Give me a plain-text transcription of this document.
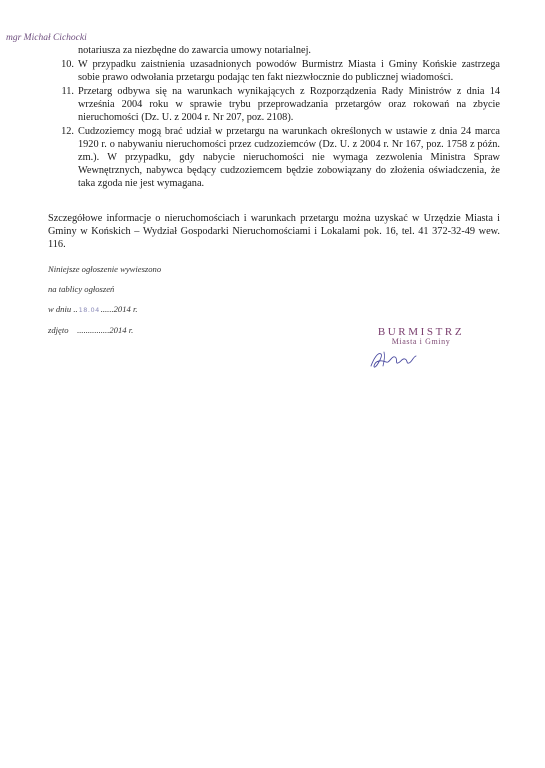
notariusza za niezbędne do zawarcia umowy notarialnej.
10. W przypadku zaistnienia uzasadnionych powodów Burmistrz Miasta i Gminy Końskie zastrzega sobie prawo odwołania przetargu podając ten fakt niezwłocznie do publicznej wiadomości.
11. Przetarg odbywa się na warunkach wynikających z Rozporządzenia Rady Ministrów z dnia 14 września 2004 roku w sprawie trybu przeprowadzania przetargów oraz rokowań na zbycie nieruchomości (Dz. U. z 2004 r. Nr 207, poz. 2108).
12. Cudzoziemcy mogą brać udział w przetargu na warunkach określonych w ustawie z dnia 24 marca 1920 r. o nabywaniu nieruchomości przez cudzoziemców (Dz. U. z 2004 r. Nr 167, poz. 1758 z późn. zm.). W przypadku, gdy nabycie nieruchomości nie wymaga zezwolenia Ministra Spraw Wewnętrznych, nabywca będący cudzoziemcem będzie zobowiązany do złożenia oświadczenia, że taka zgoda nie jest wymagana.
Szczegółowe informacje o nieruchomościach i warunkach przetargu można uzyskać w Urzędzie Miasta i Gminy w Końskich – Wydział Gospodarki Nieruchomościami i Lokalami pok. 16, tel. 41 372-32-49 wew. 116.
Niniejsze ogłoszenie wywieszono
na tablicy ogłoszeń
w dniu
.. 18.04 ...... 2014 r.
zdjęto
............... 2014 r.	BURMISTRZ
Miasta i Gminy
mgr Michał Cichocki
